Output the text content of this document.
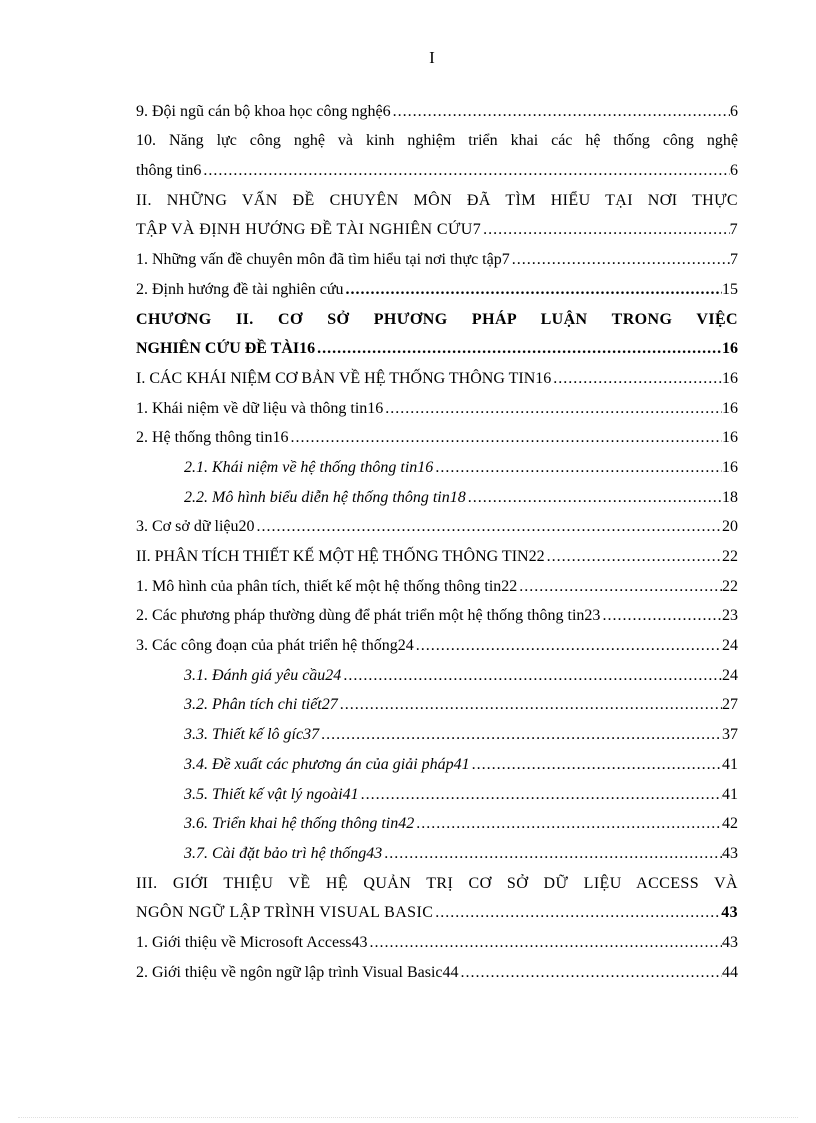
I
9. Đội ngũ cán bộ khoa học công nghệ6 .....	6
10. Năng lực công nghệ và kinh nghiệm triển khai các hệ thống công nghệ
thông tin6 .....	6
II. NHỮNG VẤN ĐỀ CHUYÊN MÔN ĐÃ TÌM HIỂU TẠI NƠI THỰC
TẬP VÀ ĐỊNH HƯỚNG ĐỀ TÀI NGHIÊN CỨU7 .....	7
1. Những vấn đề chuyên môn đã tìm hiểu tại nơi thực tập7 .....	7
2. Định hướng đề tài nghiên cứu .....	15
CHƯƠNG II. CƠ SỞ PHƯƠNG PHÁP LUẬN TRONG VIỆC
NGHIÊN CỨU ĐỀ TÀI16 .....	16
I. CÁC KHÁI NIỆM CƠ BẢN VỀ HỆ THỐNG THÔNG TIN16 .....	16
1. Khái niệm về dữ liệu và thông tin16 .....	16
2. Hệ thống thông tin16 .....	16
2.1. Khái niệm về hệ thống thông tin16 .....	16
2.2. Mô hình biểu diễn hệ thống thông tin18 .....	18
3. Cơ sở dữ liệu20 .....	20
II. PHÂN TÍCH THIẾT KẾ MỘT HỆ THỐNG THÔNG TIN22 .....	22
1. Mô hình của phân tích, thiết kế một hệ thống thông tin22 .....	22
2. Các phương pháp thường dùng để phát triển một hệ thống thông tin23 .....	23
3. Các công đoạn của phát triển hệ thống24 .....	24
3.1. Đánh giá yêu cầu24 .....	24
3.2. Phân tích chi tiết27 .....	27
3.3. Thiết kế lô gíc37 .....	37
3.4. Đề xuất các phương án của giải pháp41 .....	41
3.5. Thiết kế vật lý ngoài41 .....	41
3.6. Triển khai hệ thống thông tin42 .....	42
3.7. Cài đặt bảo trì hệ thống43 .....	43
III. GIỚI THIỆU VỀ HỆ QUẢN TRỊ CƠ SỞ DỮ LIỆU ACCESS VÀ
NGÔN NGỮ LẬP TRÌNH VISUAL BASIC .....	43
1. Giới thiệu về Microsoft Access43 .....	43
2. Giới thiệu về ngôn ngữ lập trình Visual Basic44 .....	44
